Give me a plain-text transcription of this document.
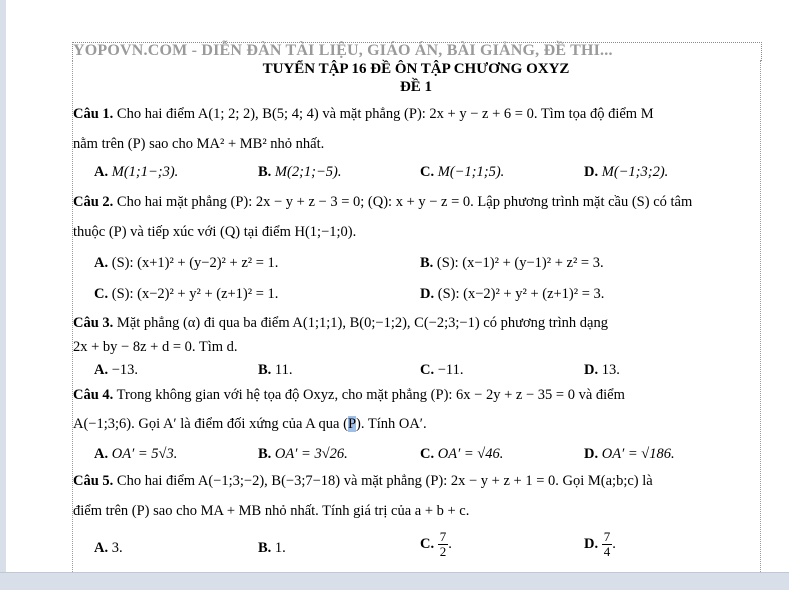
YOPOVN.COM - DIỄN ĐÀN TÀI LIỆU, GIÁO ÁN, BÀI GIẢNG, ĐỀ THI...
TUYỂN TẬP 16 ĐỀ ÔN TẬP CHƯƠNG OXYZ
ĐỀ 1
Câu 1. Cho hai điểm A(1; 2; 2), B(5; 4; 4) và mặt phẳng (P): 2x + y − z + 6 = 0. Tìm tọa độ điểm M
nằm trên (P) sao cho MA² + MB² nhỏ nhất.
A. M(1;1−;3).	B. M(2;1;−5).	C. M(−1;1;5).	D. M(−1;3;2).
Câu 2. Cho hai mặt phẳng (P): 2x − y + z − 3 = 0; (Q): x + y − z = 0. Lập phương trình mặt cầu (S) có tâm
thuộc (P) và tiếp xúc với (Q) tại điểm H(1;−1;0).
A. (S): (x+1)² + (y−2)² + z² = 1.	B. (S): (x−1)² + (y−1)² + z² = 3.
C. (S): (x−2)² + y² + (z+1)² = 1.	D. (S): (x−2)² + y² + (z+1)² = 3.
Câu 3. Mặt phẳng (α) đi qua ba điểm A(1;1;1), B(0;−1;2), C(−2;3;−1) có phương trình dạng
2x + by − 8z + d = 0. Tìm d.
A. −13.	B. 11.	C. −11.	D. 13.
Câu 4. Trong không gian với hệ tọa độ Oxyz, cho mặt phẳng (P): 6x − 2y + z − 35 = 0 và điểm
A(−1;3;6). Gọi A′ là điểm đối xứng của A qua (P). Tính OA′.
A. OA′ = 5√3.	B. OA′ = 3√26.	C. OA′ = √46.	D. OA′ = √186.
Câu 5. Cho hai điểm A(−1;3;−2), B(−3;7−18) và mặt phẳng (P): 2x − y + z + 1 = 0. Gọi M(a;b;c) là
điểm trên (P) sao cho MA + MB nhỏ nhất. Tính giá trị của a + b + c.
A. 3.	B. 1.	C. $\frac{7}{2}$ .	D. $\frac{7}{4}$ .
